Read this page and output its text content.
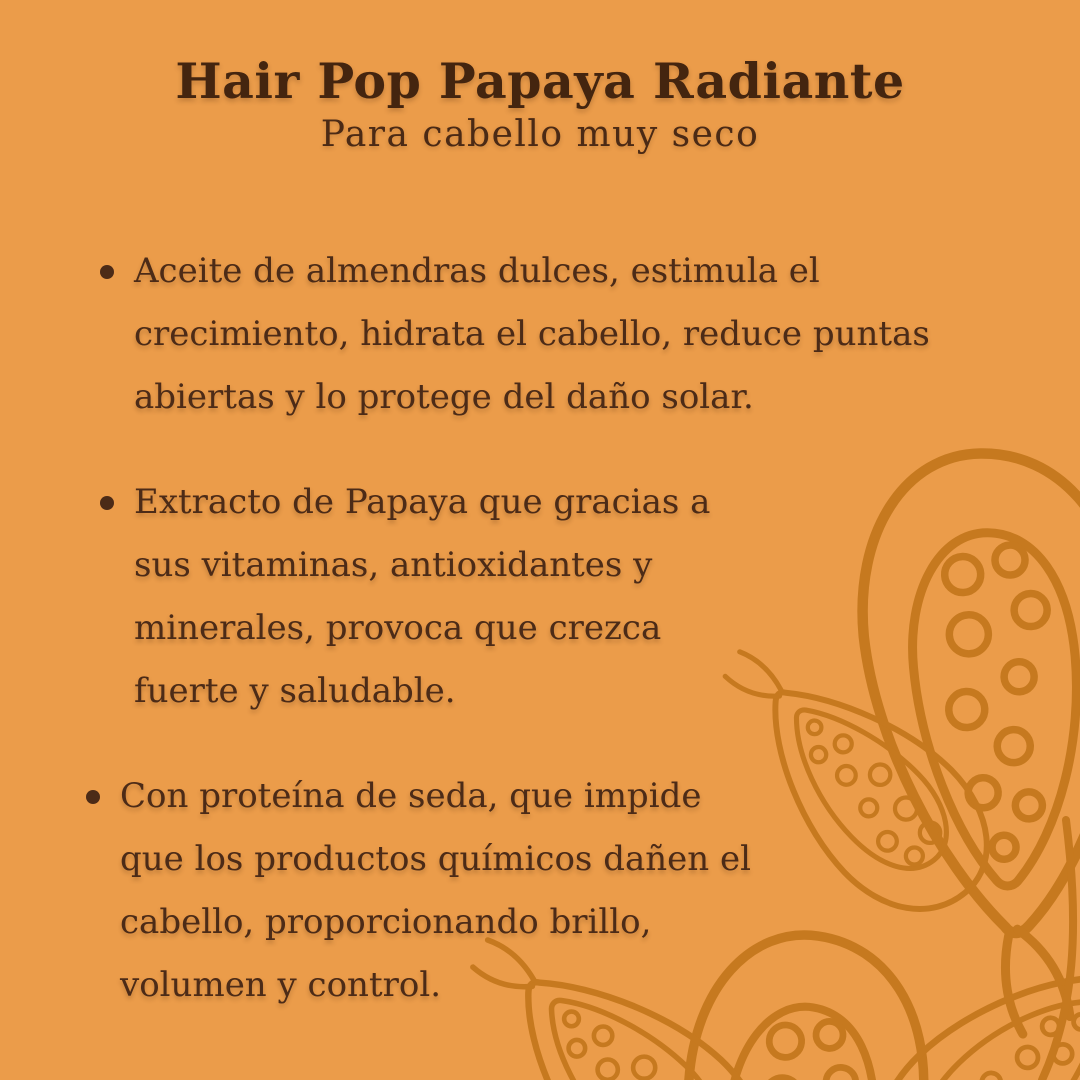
Hair Pop Papaya Radiante
Para cabello muy seco

Aceite de almendras dulces, estimula el
crecimiento, hidrata el cabello, reduce puntas
abiertas y lo protege del daño solar.

Extracto de Papaya que gracias a
sus vitaminas, antioxidantes y
minerales, provoca que crezca
fuerte y saludable.

Con proteína de seda, que impide
que los productos químicos dañen el
cabello, proporcionando brillo,
volumen y control.
